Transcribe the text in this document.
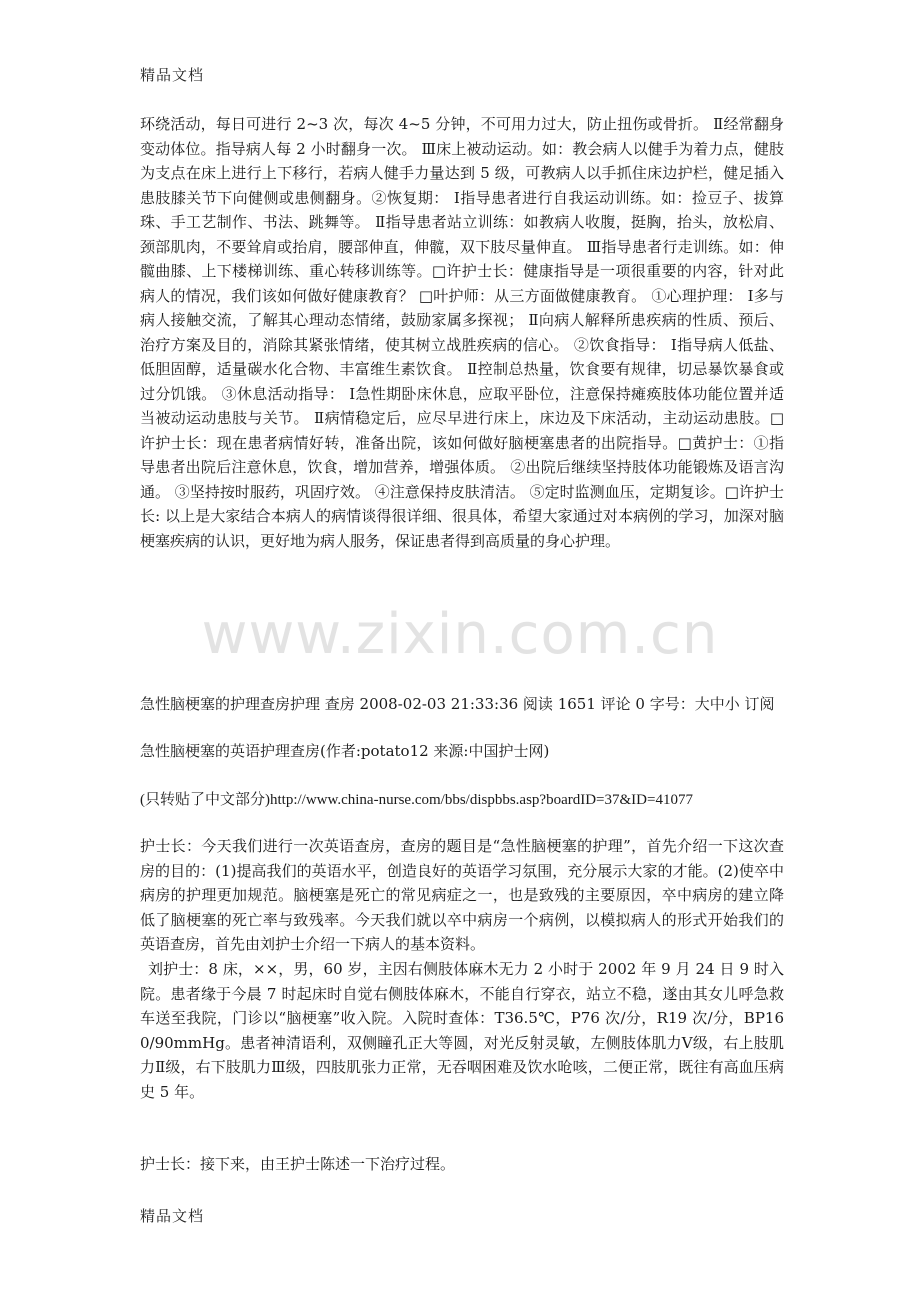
精品文档
环绕活动，每日可进行 2~3 次，每次 4~5 分钟，不可用力过大，防止扭伤或骨折。 Ⅱ经常翻身变动体位。指导病人每 2 小时翻身一次。 Ⅲ床上被动运动。如：教会病人以健手为着力点，健肢为支点在床上进行上下移行，若病人健手力量达到 5 级，可教病人以手抓住床边护栏，健足插入患肢膝关节下向健侧或患侧翻身。②恢复期： Ⅰ指导患者进行自我运动训练。如：捡豆子、拔算珠、手工艺制作、书法、跳舞等。 Ⅱ指导患者站立训练：如教病人收腹，挺胸，抬头，放松肩、颈部肌肉，不要耸肩或抬肩，腰部伸直，伸髋，双下肢尽量伸直。 Ⅲ指导患者行走训练。如：伸髋曲膝、上下楼梯训练、重心转移训练等。□许护士长：健康指导是一项很重要的内容，针对此病人的情况，我们该如何做好健康教育？ □叶护师：从三方面做健康教育。 ①心理护理： Ⅰ多与病人接触交流，了解其心理动态情绪，鼓励家属多探视； Ⅱ向病人解释所患疾病的性质、预后、治疗方案及目的，消除其紧张情绪，使其树立战胜疾病的信心。 ②饮食指导： Ⅰ指导病人低盐、低胆固醇，适量碳水化合物、丰富维生素饮食。 Ⅱ控制总热量，饮食要有规律，切忌暴饮暴食或过分饥饿。 ③休息活动指导： Ⅰ急性期卧床休息，应取平卧位，注意保持瘫痪肢体功能位置并适当被动运动患肢与关节。 Ⅱ病情稳定后，应尽早进行床上，床边及下床活动，主动运动患肢。□许护士长：现在患者病情好转，准备出院，该如何做好脑梗塞患者的出院指导。□黄护士：①指导患者出院后注意休息，饮食，增加营养，增强体质。 ②出院后继续坚持肢体功能锻炼及语言沟通。 ③坚持按时服药，巩固疗效。 ④注意保持皮肤清洁。 ⑤定时监测血压，定期复诊。□许护士长: 以上是大家结合本病人的病情谈得很详细、很具体，希望大家通过对本病例的学习，加深对脑梗塞疾病的认识，更好地为病人服务，保证患者得到高质量的身心护理。
www.zixin.com.cn
急性脑梗塞的护理查房护理 查房 2008-02-03 21:33:36 阅读 1651 评论 0 字号：大中小 订阅
急性脑梗塞的英语护理查房(作者:potato12 来源:中国护士网)
(只转贴了中文部分)http://www.china-nurse.com/bbs/dispbbs.asp?boardID=37&ID=41077
护士长：今天我们进行一次英语查房，查房的题目是“急性脑梗塞的护理”，首先介绍一下这次查房的目的：(1)提高我们的英语水平，创造良好的英语学习氛围，充分展示大家的才能。(2)使卒中病房的护理更加规范。脑梗塞是死亡的常见病症之一，也是致残的主要原因，卒中病房的建立降低了脑梗塞的死亡率与致残率。今天我们就以卒中病房一个病例，以模拟病人的形式开始我们的英语查房，首先由刘护士介绍一下病人的基本资料。
刘护士：8 床，××，男，60 岁，主因右侧肢体麻木无力 2 小时于 2002 年 9 月 24 日 9 时入院。患者缘于今晨 7 时起床时自觉右侧肢体麻木，不能自行穿衣，站立不稳，遂由其女儿呼急救车送至我院，门诊以“脑梗塞”收入院。入院时查体：T36.5℃，P76 次/分，R19 次/分，BP160/90mmHg。患者神清语利，双侧瞳孔正大等圆，对光反射灵敏，左侧肢体肌力Ⅴ级，右上肢肌力Ⅱ级，右下肢肌力Ⅲ级，四肢肌张力正常，无吞咽困难及饮水呛咳，二便正常，既往有高血压病史 5 年。
护士长：接下来，由王护士陈述一下治疗过程。
精品文档
